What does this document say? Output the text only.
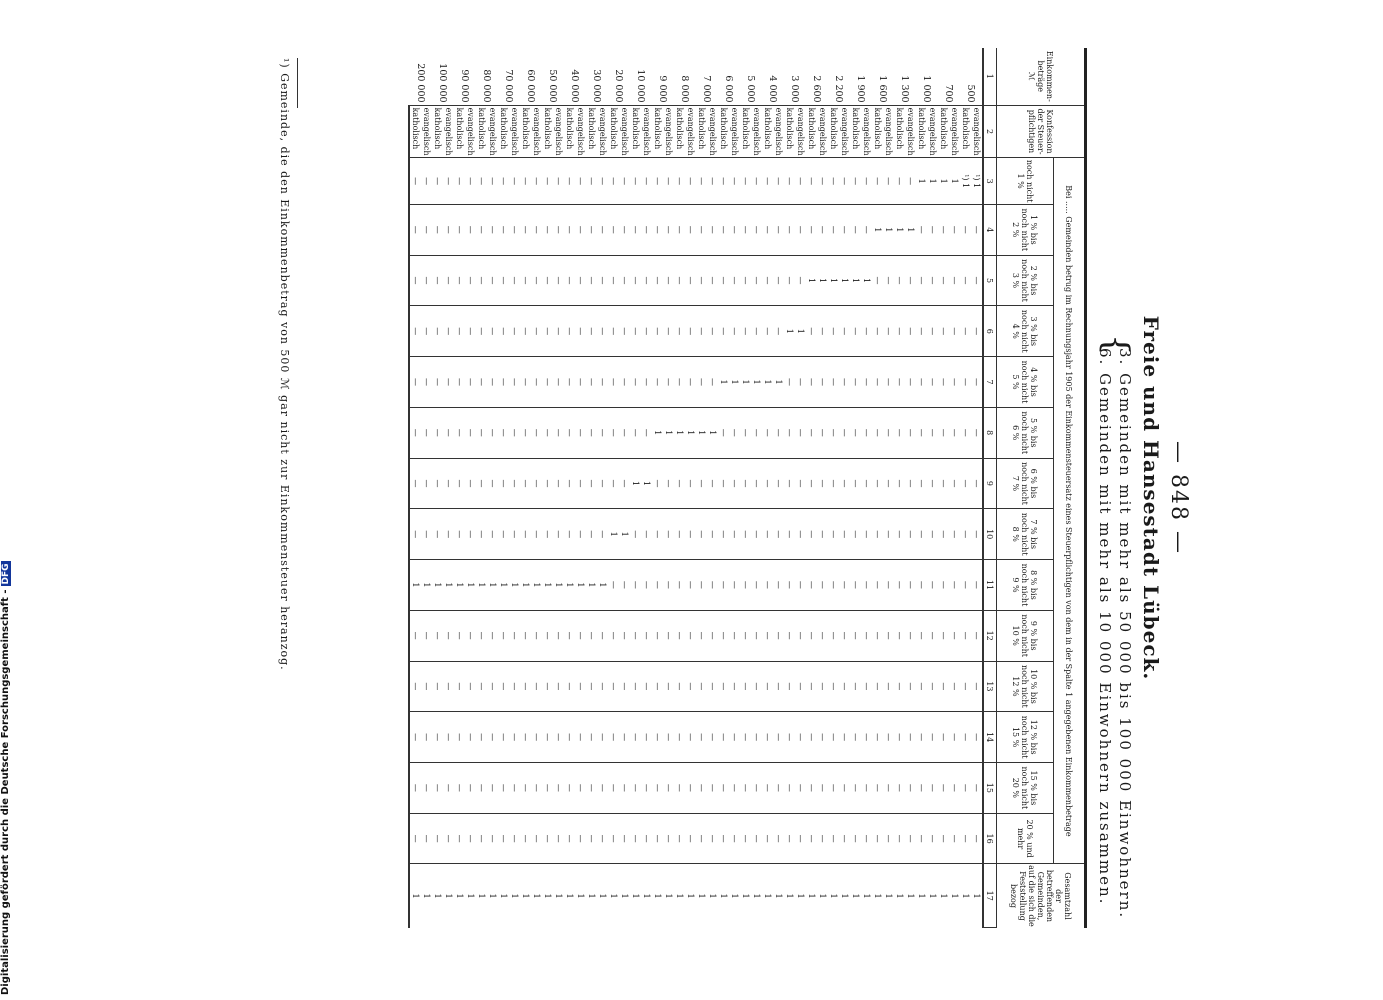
— 848 —
Freie und Hansestadt Lübeck.
{
3. Gemeinden mit mehr als 50 000 bis 100 000 Einwohnern.
6. Gemeinden mit mehr als 10 000 Einwohnern zusammen.

Einkommen-beträge
ℳ	Konfession der Steuer-pflichtigen	Bei ..... Gemeinden betrug im Rechnungsjahr 1905 der Einkommensteuersatz eines Steuerpflichtigen von dem in der Spalte 1 angegebenen Einkommenbetrage														Gesamtzahl der betreffenden Gemeinden, auf die sich die Feststellung bezog
		noch nicht 1 %	1 % bis noch nicht 2 %	2 % bis noch nicht 3 %	3 % bis noch nicht 4 %	4 % bis noch nicht 5 %	5 % bis noch nicht 6 %	6 % bis noch nicht 7 %	7 % bis noch nicht 8 %	8 % bis noch nicht 9 %	9 % bis noch nicht 10 %	10 % bis noch nicht 12 %	12 % bis noch nicht 15 %	15 % bis noch nicht 20 %	20 % und mehr	
1	2	3	4	5	6	7	8	9	10	11	12	13	14	15	16	17
500	evangelisch	¹) 1	—	—	—	—	—	—	—	—	—	—	—	—	—	1
	katholisch	¹) 1	—	—	—	—	—	—	—	—	—	—	—	—	—	1
700	evangelisch	1	—	—	—	—	—	—	—	—	—	—	—	—	—	1
	katholisch	1	—	—	—	—	—	—	—	—	—	—	—	—	—	1
1 000	evangelisch	1	—	—	—	—	—	—	—	—	—	—	—	—	—	1
	katholisch	1	—	—	—	—	—	—	—	—	—	—	—	—	—	1
1 300	evangelisch	—	1	—	—	—	—	—	—	—	—	—	—	—	—	1
	katholisch	—	1	—	—	—	—	—	—	—	—	—	—	—	—	1
1 600	evangelisch	—	1	—	—	—	—	—	—	—	—	—	—	—	—	1
	katholisch	—	1	—	—	—	—	—	—	—	—	—	—	—	—	1
1 900	evangelisch	—	—	1	—	—	—	—	—	—	—	—	—	—	—	1
	katholisch	—	—	1	—	—	—	—	—	—	—	—	—	—	—	1
2 200	evangelisch	—	—	1	—	—	—	—	—	—	—	—	—	—	—	1
	katholisch	—	—	1	—	—	—	—	—	—	—	—	—	—	—	1
2 600	evangelisch	—	—	1	—	—	—	—	—	—	—	—	—	—	—	1
	katholisch	—	—	1	—	—	—	—	—	—	—	—	—	—	—	1
3 000	evangelisch	—	—	—	1	—	—	—	—	—	—	—	—	—	—	1
	katholisch	—	—	—	1	—	—	—	—	—	—	—	—	—	—	1
4 000	evangelisch	—	—	—	—	1	—	—	—	—	—	—	—	—	—	1
	katholisch	—	—	—	—	1	—	—	—	—	—	—	—	—	—	1
5 000	evangelisch	—	—	—	—	1	—	—	—	—	—	—	—	—	—	1
	katholisch	—	—	—	—	1	—	—	—	—	—	—	—	—	—	1
6 000	evangelisch	—	—	—	—	1	—	—	—	—	—	—	—	—	—	1
	katholisch	—	—	—	—	1	—	—	—	—	—	—	—	—	—	1
7 000	evangelisch	—	—	—	—	—	1	—	—	—	—	—	—	—	—	1
	katholisch	—	—	—	—	—	1	—	—	—	—	—	—	—	—	1
8 000	evangelisch	—	—	—	—	—	1	—	—	—	—	—	—	—	—	1
	katholisch	—	—	—	—	—	1	—	—	—	—	—	—	—	—	1
9 000	evangelisch	—	—	—	—	—	1	—	—	—	—	—	—	—	—	1
	katholisch	—	—	—	—	—	1	—	—	—	—	—	—	—	—	1
10 000	evangelisch	—	—	—	—	—	—	1	—	—	—	—	—	—	—	1
	katholisch	—	—	—	—	—	—	1	—	—	—	—	—	—	—	1
20 000	evangelisch	—	—	—	—	—	—	—	1	—	—	—	—	—	—	1
	katholisch	—	—	—	—	—	—	—	1	—	—	—	—	—	—	1
30 000	evangelisch	—	—	—	—	—	—	—	—	1	—	—	—	—	—	1
	katholisch	—	—	—	—	—	—	—	—	1	—	—	—	—	—	1
40 000	evangelisch	—	—	—	—	—	—	—	—	1	—	—	—	—	—	1
	katholisch	—	—	—	—	—	—	—	—	1	—	—	—	—	—	1
50 000	evangelisch	—	—	—	—	—	—	—	—	1	—	—	—	—	—	1
	katholisch	—	—	—	—	—	—	—	—	1	—	—	—	—	—	1
60 000	evangelisch	—	—	—	—	—	—	—	—	1	—	—	—	—	—	1
	katholisch	—	—	—	—	—	—	—	—	1	—	—	—	—	—	1
70 000	evangelisch	—	—	—	—	—	—	—	—	1	—	—	—	—	—	1
	katholisch	—	—	—	—	—	—	—	—	1	—	—	—	—	—	1
80 000	evangelisch	—	—	—	—	—	—	—	—	1	—	—	—	—	—	1
	katholisch	—	—	—	—	—	—	—	—	1	—	—	—	—	—	1
90 000	evangelisch	—	—	—	—	—	—	—	—	1	—	—	—	—	—	1
	katholisch	—	—	—	—	—	—	—	—	1	—	—	—	—	—	1
100 000	evangelisch	—	—	—	—	—	—	—	—	1	—	—	—	—	—	1
	katholisch	—	—	—	—	—	—	—	—	1	—	—	—	—	—	1
200 000	evangelisch	—	—	—	—	—	—	—	—	1	—	—	—	—	—	1
	katholisch	—	—	—	—	—	—	—	—	1	—	—	—	—	—	1
¹) Gemeinde, die den Einkommenbetrag von 500 ℳ gar nicht zur Einkommensteuer heranzog.
Digitalisierung gefördert durch die Deutsche Forschungsgemeinschaft -DFG
